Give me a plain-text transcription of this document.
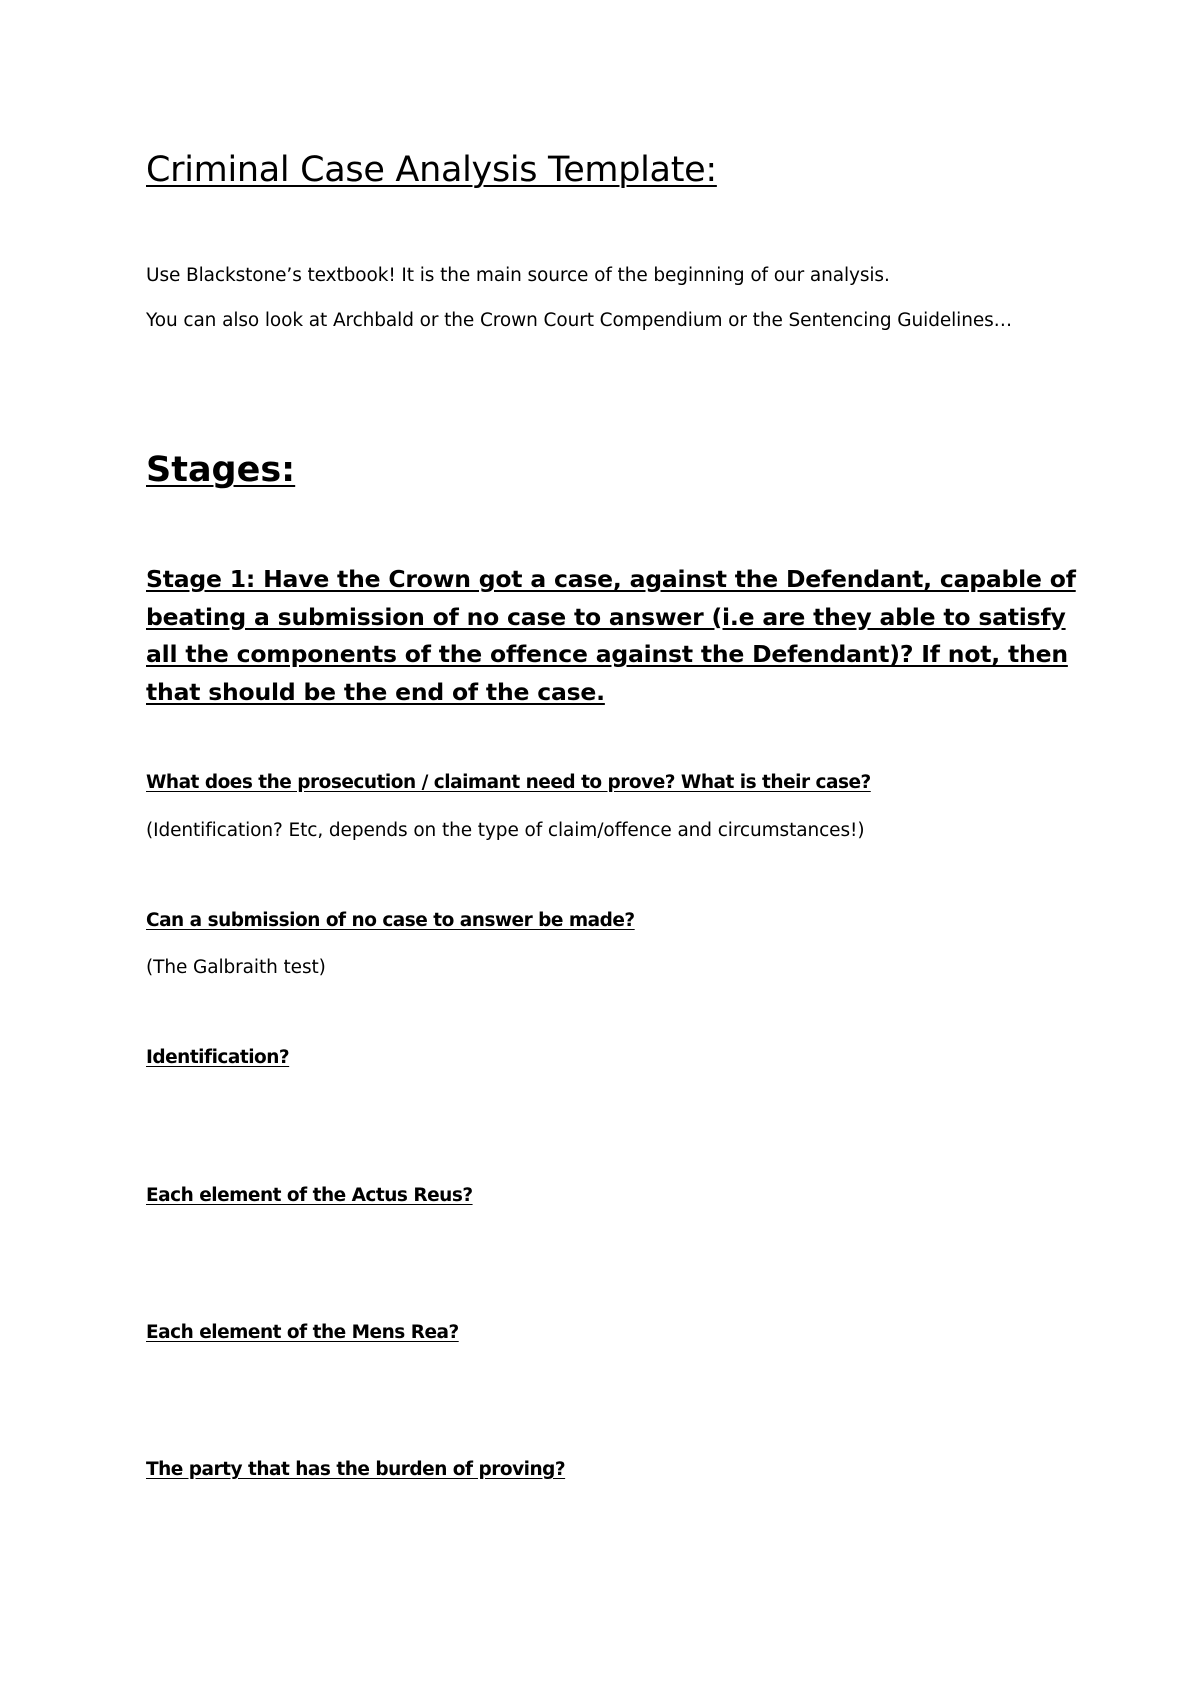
Criminal Case Analysis Template:

Use Blackstone’s textbook! It is the main source of the beginning of our analysis.

You can also look at Archbald or the Crown Court Compendium or the Sentencing Guidelines…

Stages:
Stage 1: Have the Crown got a case, against the Defendant, capable of beating a submission of no case to answer (i.e are they able to satisfy all the components of the offence against the Defendant)? If not, then that should be the end of the case.

What does the prosecution / claimant need to prove? What is their case?

(Identification? Etc, depends on the type of claim/offence and circumstances!)

Can a submission of no case to answer be made?

(The Galbraith test)

Identification?

Each element of the Actus Reus?

Each element of the Mens Rea?

The party that has the burden of proving?
